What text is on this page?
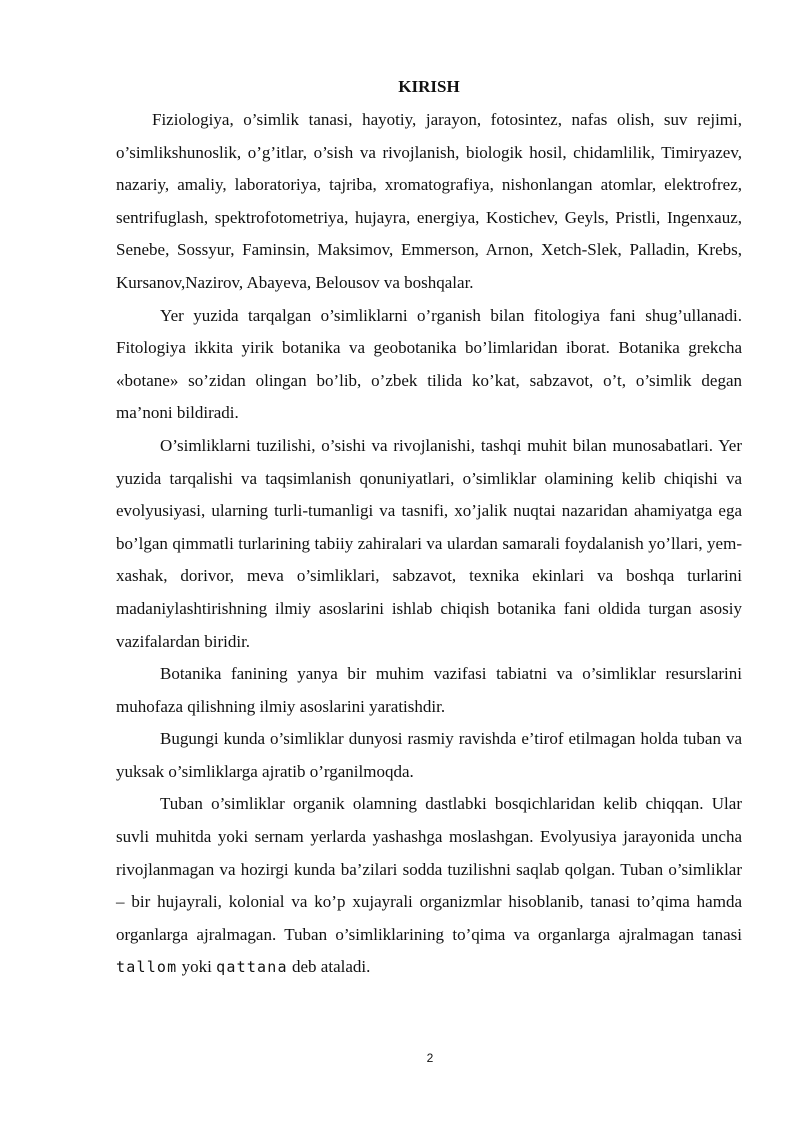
KIRISH

Fiziologiya, o’simlik tanasi, hayotiy, jarayon, fotosintez, nafas olish, suv rejimi, o’simlikshunoslik, o’g’itlar, o’sish va rivojlanish, biologik hosil, chidamlilik, Timiryazev, nazariy, amaliy, laboratoriya, tajriba, xromatografiya, nishonlangan atomlar, elektrofrez, sentrifuglash, spektrofotometriya, hujayra, energiya, Kostichev, Geyls, Pristli, Ingenxauz, Senebe, Sossyur, Faminsin, Maksimov, Emmerson, Arnon, Xetch-Slek, Palladin, Krebs, Kursanov,Nazirov, Abayeva, Belousov va boshqalar.

Yer yuzida tarqalgan o’simliklarni o’rganish bilan fitologiya fani shug’ullanadi. Fitologiya ikkita yirik botanika va geobotanika bo’limlaridan iborat. Botanika grekcha «botane» so’zidan olingan bo’lib, o’zbek tilida ko’kat, sabzavot, o’t, o’simlik degan ma’noni bildiradi.

O’simliklarni tuzilishi, o’sishi va rivojlanishi, tashqi muhit bilan munosabatlari. Yer yuzida tarqalishi va taqsimlanish qonuniyatlari, o’simliklar olamining kelib chiqishi va evolyusiyasi, ularning turli-tumanligi va tasnifi, xo’jalik nuqtai nazaridan ahamiyatga ega bo’lgan qimmatli turlarining tabiiy zahiralari va ulardan samarali foydalanish yo’llari, yem-xashak, dorivor, meva o’simliklari, sabzavot, texnika ekinlari va boshqa turlarini madaniylashtirishning ilmiy asoslarini ishlab chiqish botanika fani oldida turgan asosiy vazifalardan biridir.

Botanika fanining yanya bir muhim vazifasi tabiatni va o’simliklar resurslarini muhofaza qilishning ilmiy asoslarini yaratishdir.

Bugungi kunda o’simliklar dunyosi rasmiy ravishda e’tirof etilmagan holda tuban va yuksak o’simliklarga ajratib o’rganilmoqda.

Tuban o’simliklar organik olamning dastlabki bosqichlaridan kelib chiqqan. Ular suvli muhitda yoki sernam yerlarda yashashga moslashgan. Evolyusiya jarayonida uncha rivojlanmagan va hozirgi kunda ba’zilari sodda tuzilishni saqlab qolgan. Tuban o’simliklar – bir hujayrali, kolonial va ko’p xujayrali organizmlar hisoblanib, tanasi to’qima hamda organlarga ajralmagan. Tuban o’simliklarining to’qima va organlarga ajralmagan tanasi tallom yoki qattana deb ataladi.

2
